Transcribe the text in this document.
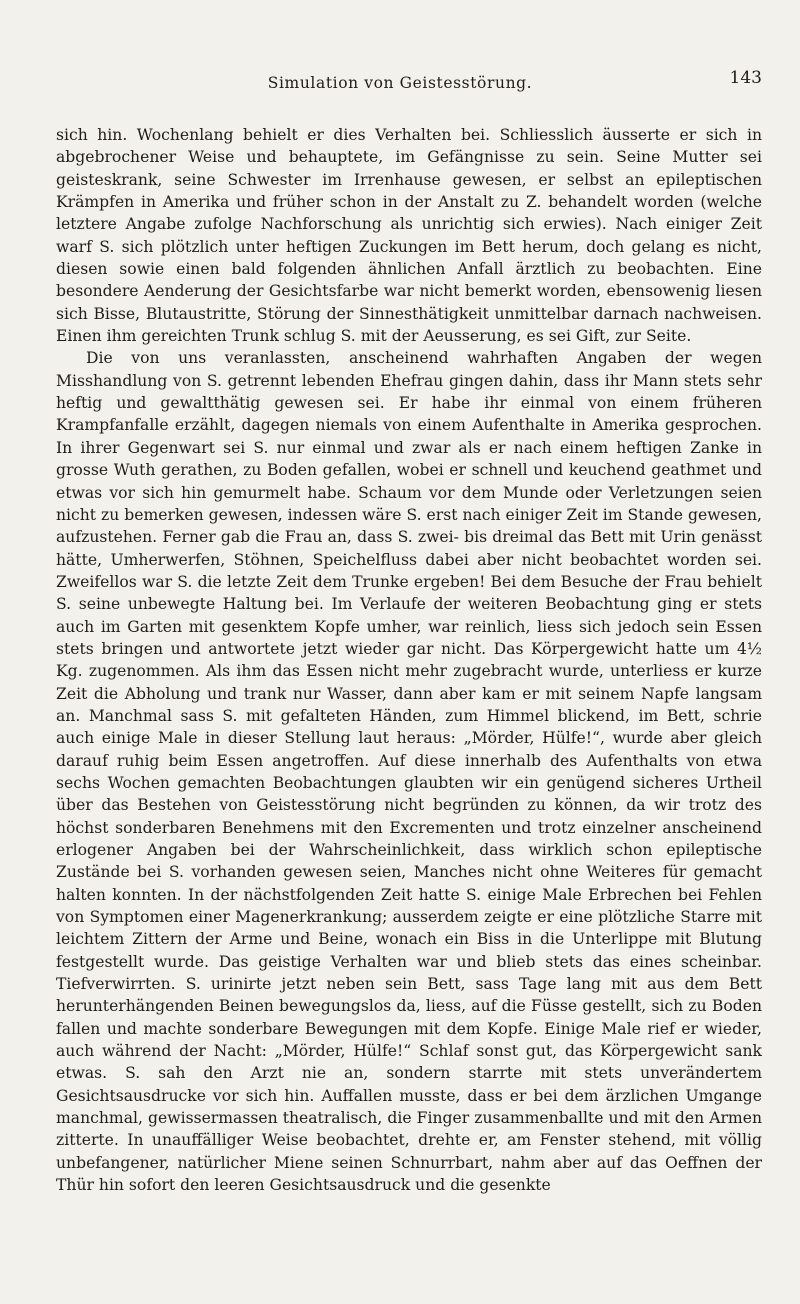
Simulation von Geistesstörung.	143

sich hin. Wochenlang behielt er dies Verhalten bei. Schliesslich äusserte er sich in abgebrochener Weise und behauptete, im Gefängnisse zu sein. Seine Mutter sei geisteskrank, seine Schwester im Irrenhause gewesen, er selbst an epileptischen Krämpfen in Amerika und früher schon in der Anstalt zu Z. behandelt worden (welche letztere Angabe zufolge Nachforschung als unrichtig sich erwies). Nach einiger Zeit warf S. sich plötzlich unter heftigen Zuckungen im Bett herum, doch gelang es nicht, diesen sowie einen bald folgenden ähnlichen Anfall ärztlich zu beobachten. Eine besondere Aenderung der Gesichtsfarbe war nicht bemerkt worden, ebensowenig liesen sich Bisse, Blutaustritte, Störung der Sinnesthätigkeit unmittelbar darnach nachweisen. Einen ihm gereichten Trunk schlug S. mit der Aeusserung, es sei Gift, zur Seite.

Die von uns veranlassten, anscheinend wahrhaften Angaben der wegen Misshandlung von S. getrennt lebenden Ehefrau gingen dahin, dass ihr Mann stets sehr heftig und gewaltthätig gewesen sei. Er habe ihr einmal von einem früheren Krampfanfalle erzählt, dagegen niemals von einem Aufenthalte in Amerika gesprochen. In ihrer Gegenwart sei S. nur einmal und zwar als er nach einem heftigen Zanke in grosse Wuth gerathen, zu Boden gefallen, wobei er schnell und keuchend geathmet und etwas vor sich hin gemurmelt habe. Schaum vor dem Munde oder Verletzungen seien nicht zu bemerken gewesen, indessen wäre S. erst nach einiger Zeit im Stande gewesen, aufzustehen. Ferner gab die Frau an, dass S. zwei- bis dreimal das Bett mit Urin genässt hätte, Umherwerfen, Stöhnen, Speichelfluss dabei aber nicht beobachtet worden sei. Zweifellos war S. die letzte Zeit dem Trunke ergeben! Bei dem Besuche der Frau behielt S. seine unbewegte Haltung bei. Im Verlaufe der weiteren Beobachtung ging er stets auch im Garten mit gesenktem Kopfe umher, war reinlich, liess sich jedoch sein Essen stets bringen und antwortete jetzt wieder gar nicht. Das Körpergewicht hatte um 4½ Kg. zugenommen. Als ihm das Essen nicht mehr zugebracht wurde, unterliess er kurze Zeit die Abholung und trank nur Wasser, dann aber kam er mit seinem Napfe langsam an. Manchmal sass S. mit gefalteten Händen, zum Himmel blickend, im Bett, schrie auch einige Male in dieser Stellung laut heraus: „Mörder, Hülfe!“, wurde aber gleich darauf ruhig beim Essen angetroffen. Auf diese innerhalb des Aufenthalts von etwa sechs Wochen gemachten Beobachtungen glaubten wir ein genügend sicheres Urtheil über das Bestehen von Geistesstörung nicht begründen zu können, da wir trotz des höchst sonderbaren Benehmens mit den Excrementen und trotz einzelner anscheinend erlogener Angaben bei der Wahrscheinlichkeit, dass wirklich schon epileptische Zustände bei S. vorhanden gewesen seien, Manches nicht ohne Weiteres für gemacht halten konnten. In der nächstfolgenden Zeit hatte S. einige Male Erbrechen bei Fehlen von Symptomen einer Magenerkrankung; ausserdem zeigte er eine plötzliche Starre mit leichtem Zittern der Arme und Beine, wonach ein Biss in die Unterlippe mit Blutung festgestellt wurde. Das geistige Verhalten war und blieb stets das eines scheinbar. Tiefverwirrten. S. urinirte jetzt neben sein Bett, sass Tage lang mit aus dem Bett herunterhängenden Beinen bewegungslos da, liess, auf die Füsse gestellt, sich zu Boden fallen und machte sonderbare Bewegungen mit dem Kopfe. Einige Male rief er wieder, auch während der Nacht: „Mörder, Hülfe!“ Schlaf sonst gut, das Körpergewicht sank etwas. S. sah den Arzt nie an, sondern starrte mit stets unverändertem Gesichtsausdrucke vor sich hin. Auffallen musste, dass er bei dem ärzlichen Umgange manchmal, gewissermassen theatralisch, die Finger zusammenballte und mit den Armen zitterte. In unauffälliger Weise beobachtet, drehte er, am Fenster stehend, mit völlig unbefangener, natürlicher Miene seinen Schnurrbart, nahm aber auf das Oeffnen der Thür hin sofort den leeren Gesichtsausdruck und die gesenkte
